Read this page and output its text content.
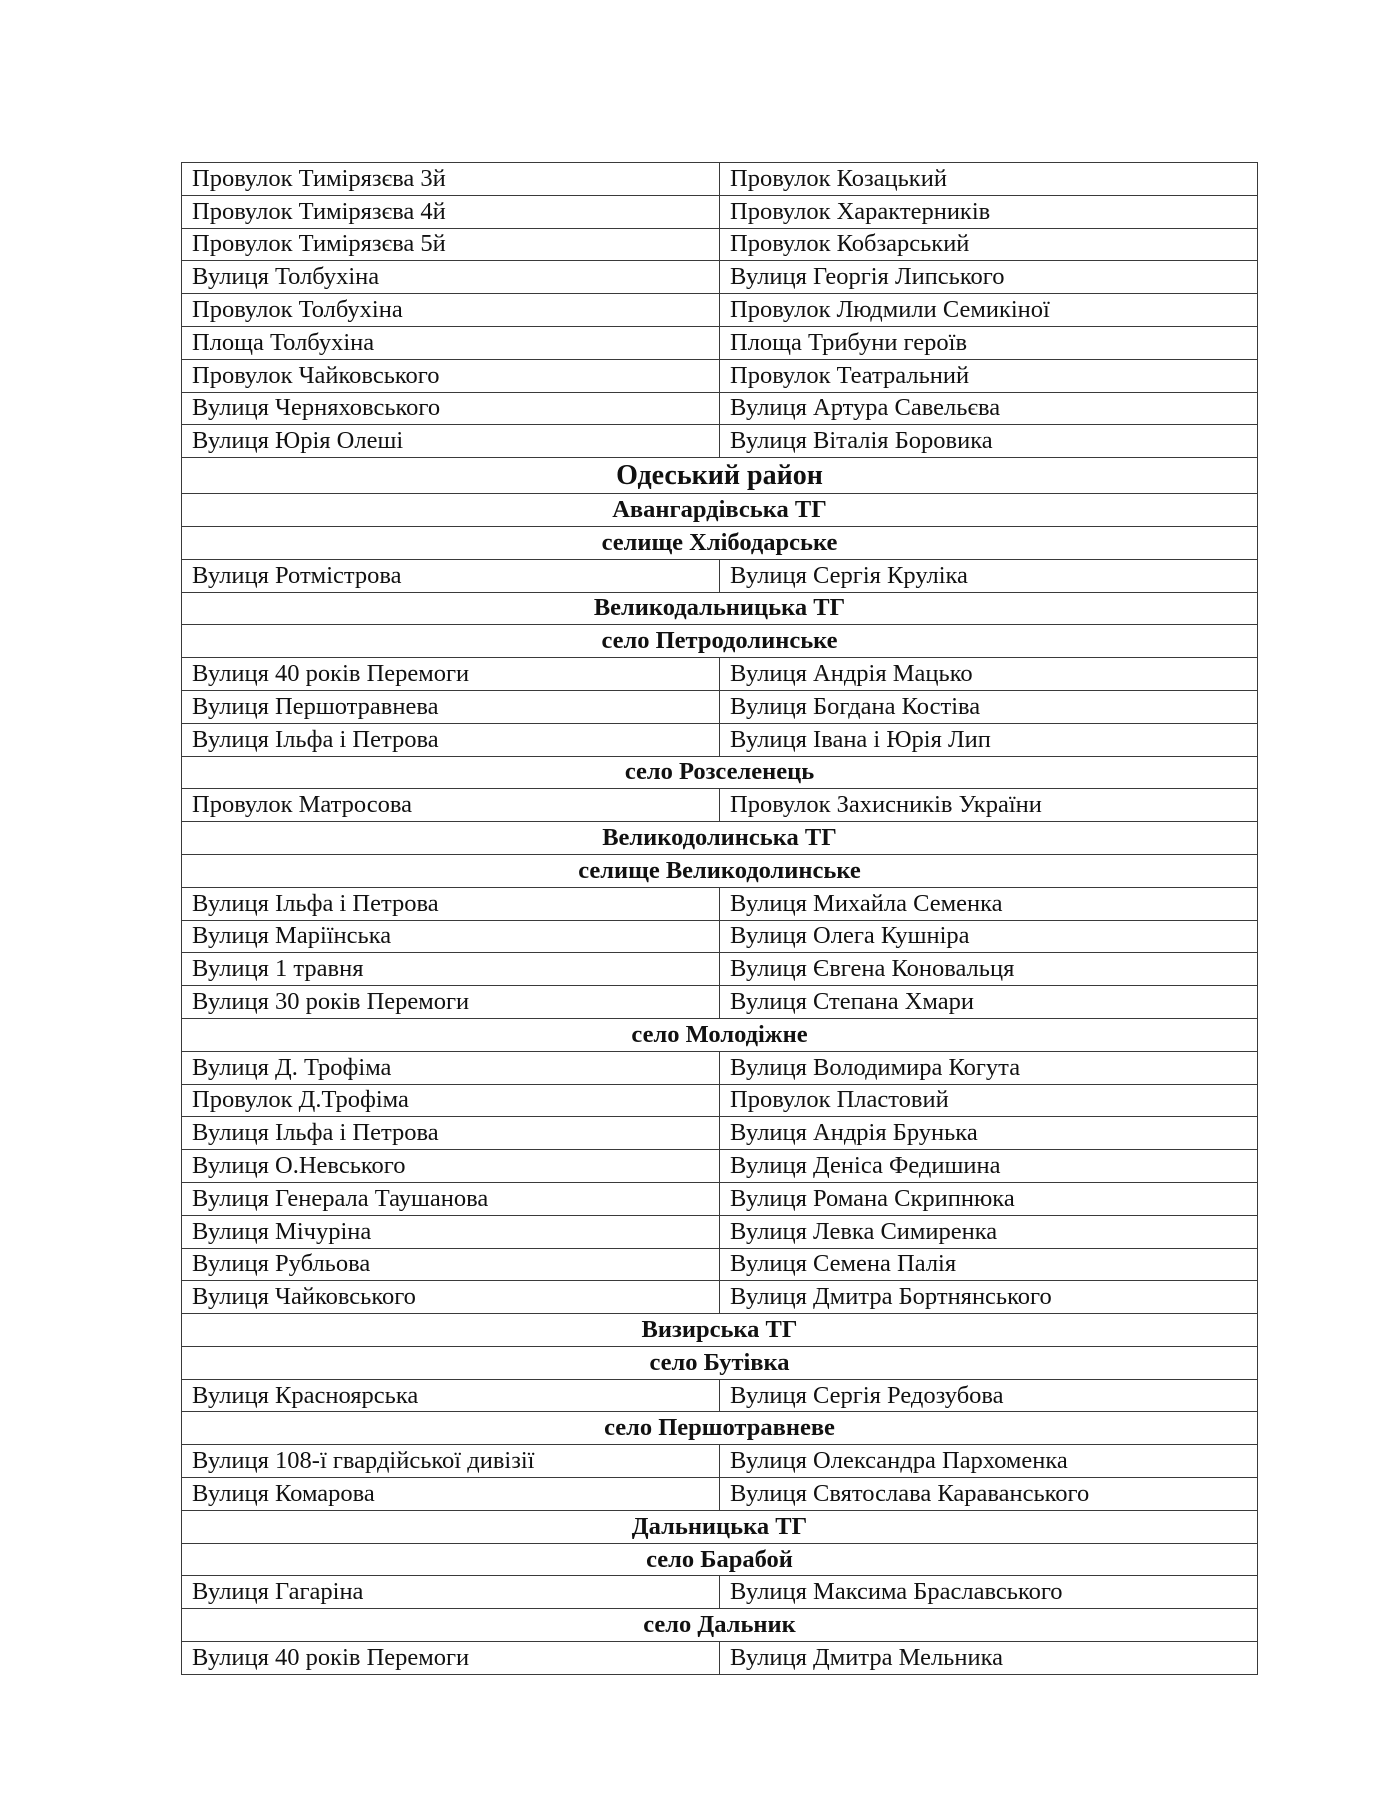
Провулок Тимірязєва 3й	Провулок Козацький
Провулок Тимірязєва 4й	Провулок Характерників
Провулок Тимірязєва 5й	Провулок Кобзарський
Вулиця Толбухіна	Вулиця Георгія Липського
Провулок Толбухіна	Провулок Людмили Семикіної
Площа Толбухіна	Площа Трибуни героїв
Провулок Чайковського	Провулок Театральний
Вулиця Черняховського	Вулиця Артура Савельєва
Вулиця Юрія Олеші	Вулиця Віталія Боровика
Одеський район	
Авангардівська ТГ	
селище Хлібодарське	
Вулиця Ротмістрова	Вулиця Сергія Круліка
Великодальницька ТГ	
село Петродолинське	
Вулиця 40 років Перемоги	Вулиця Андрія Мацько
Вулиця Першотравнева	Вулиця Богдана Костіва
Вулиця Ільфа і Петрова	Вулиця Івана і Юрія Лип
село Розселенець	
Провулок Матросова	Провулок Захисників України
Великодолинська ТГ	
селище Великодолинське	
Вулиця Ільфа і Петрова	Вулиця Михайла Семенка
Вулиця Маріїнська	Вулиця Олега Кушніра
Вулиця 1 травня	Вулиця Євгена Коновальця
Вулиця 30 років Перемоги	Вулиця Степана Хмари
село Молодіжне	
Вулиця Д. Трофіма	Вулиця Володимира Когута
Провулок Д.Трофіма	Провулок Пластовий
Вулиця Ільфа і Петрова	Вулиця Андрія Брунька
Вулиця О.Невського	Вулиця Деніса Федишина
Вулиця Генерала Таушанова	Вулиця Романа Скрипнюка
Вулиця Мічуріна	Вулиця Левка Симиренка
Вулиця Рубльова	Вулиця Семена Палія
Вулиця Чайковського	Вулиця Дмитра Бортнянського
Визирська ТГ	
село Бутівка	
Вулиця Красноярська	Вулиця Сергія Редозубова
село Першотравневе	
Вулиця 108-ї гвардійської дивізії	Вулиця Олександра Пархоменка
Вулиця Комарова	Вулиця Святослава Караванського
Дальницька ТГ	
село Барабой	
Вулиця Гагаріна	Вулиця Максима Браславського
село Дальник	
Вулиця 40 років Перемоги	Вулиця Дмитра Мельника
